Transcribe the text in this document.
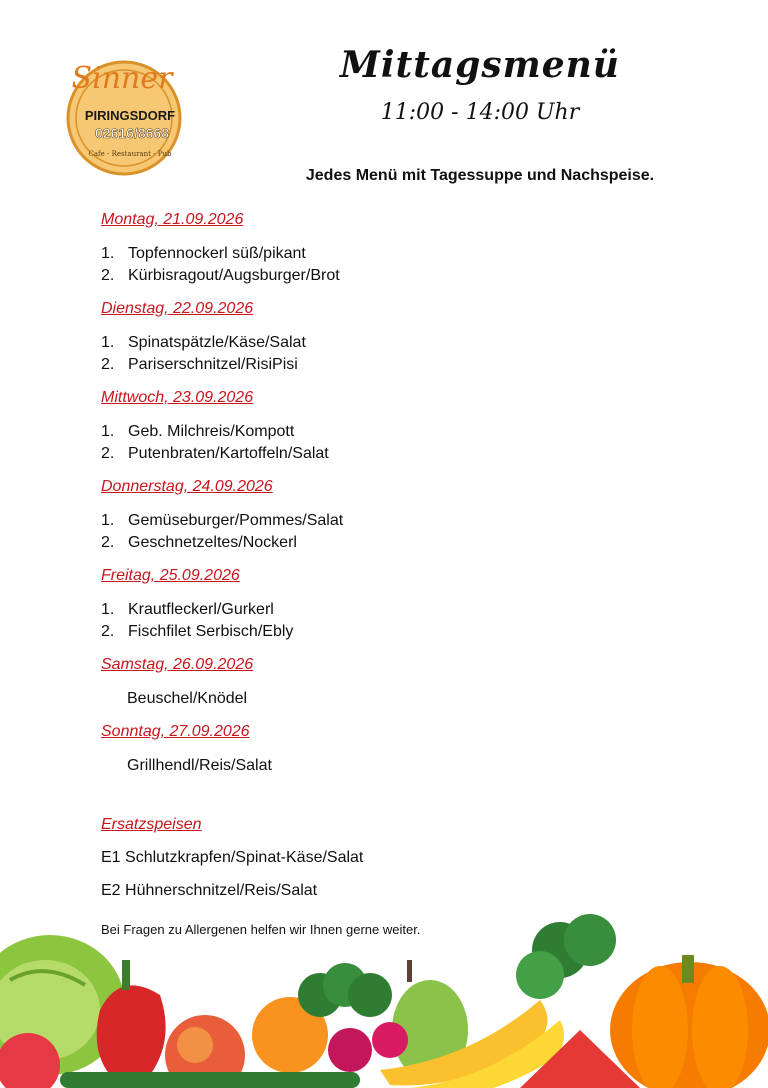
Sinner
PIRINGSDORF
02616/8668
Cafe - Restaurant - Pub
Mittagsmenü
11:00 - 14:00 Uhr
Jedes Menü mit Tagessuppe und Nachspeise.
Montag, 21.09.2026
1. Topfennockerl süß/pikant
2. Kürbisragout/Augsburger/Brot
Dienstag, 22.09.2026
1. Spinatspätzle/Käse/Salat
2. Pariserschnitzel/RisiPisi
Mittwoch, 23.09.2026
1. Geb. Milchreis/Kompott
2. Putenbraten/Kartoffeln/Salat
Donnerstag, 24.09.2026
1. Gemüseburger/Pommes/Salat
2. Geschnetzeltes/Nockerl
Freitag, 25.09.2026
1. Krautfleckerl/Gurkerl
2. Fischfilet Serbisch/Ebly
Samstag, 26.09.2026
Beuschel/Knödel
Sonntag, 27.09.2026
Grillhendl/Reis/Salat
Ersatzspeisen
E1 Schlutzkrapfen/Spinat-Käse/Salat
E2 Hühnerschnitzel/Reis/Salat
Bei Fragen zu Allergenen helfen wir Ihnen gerne weiter.
